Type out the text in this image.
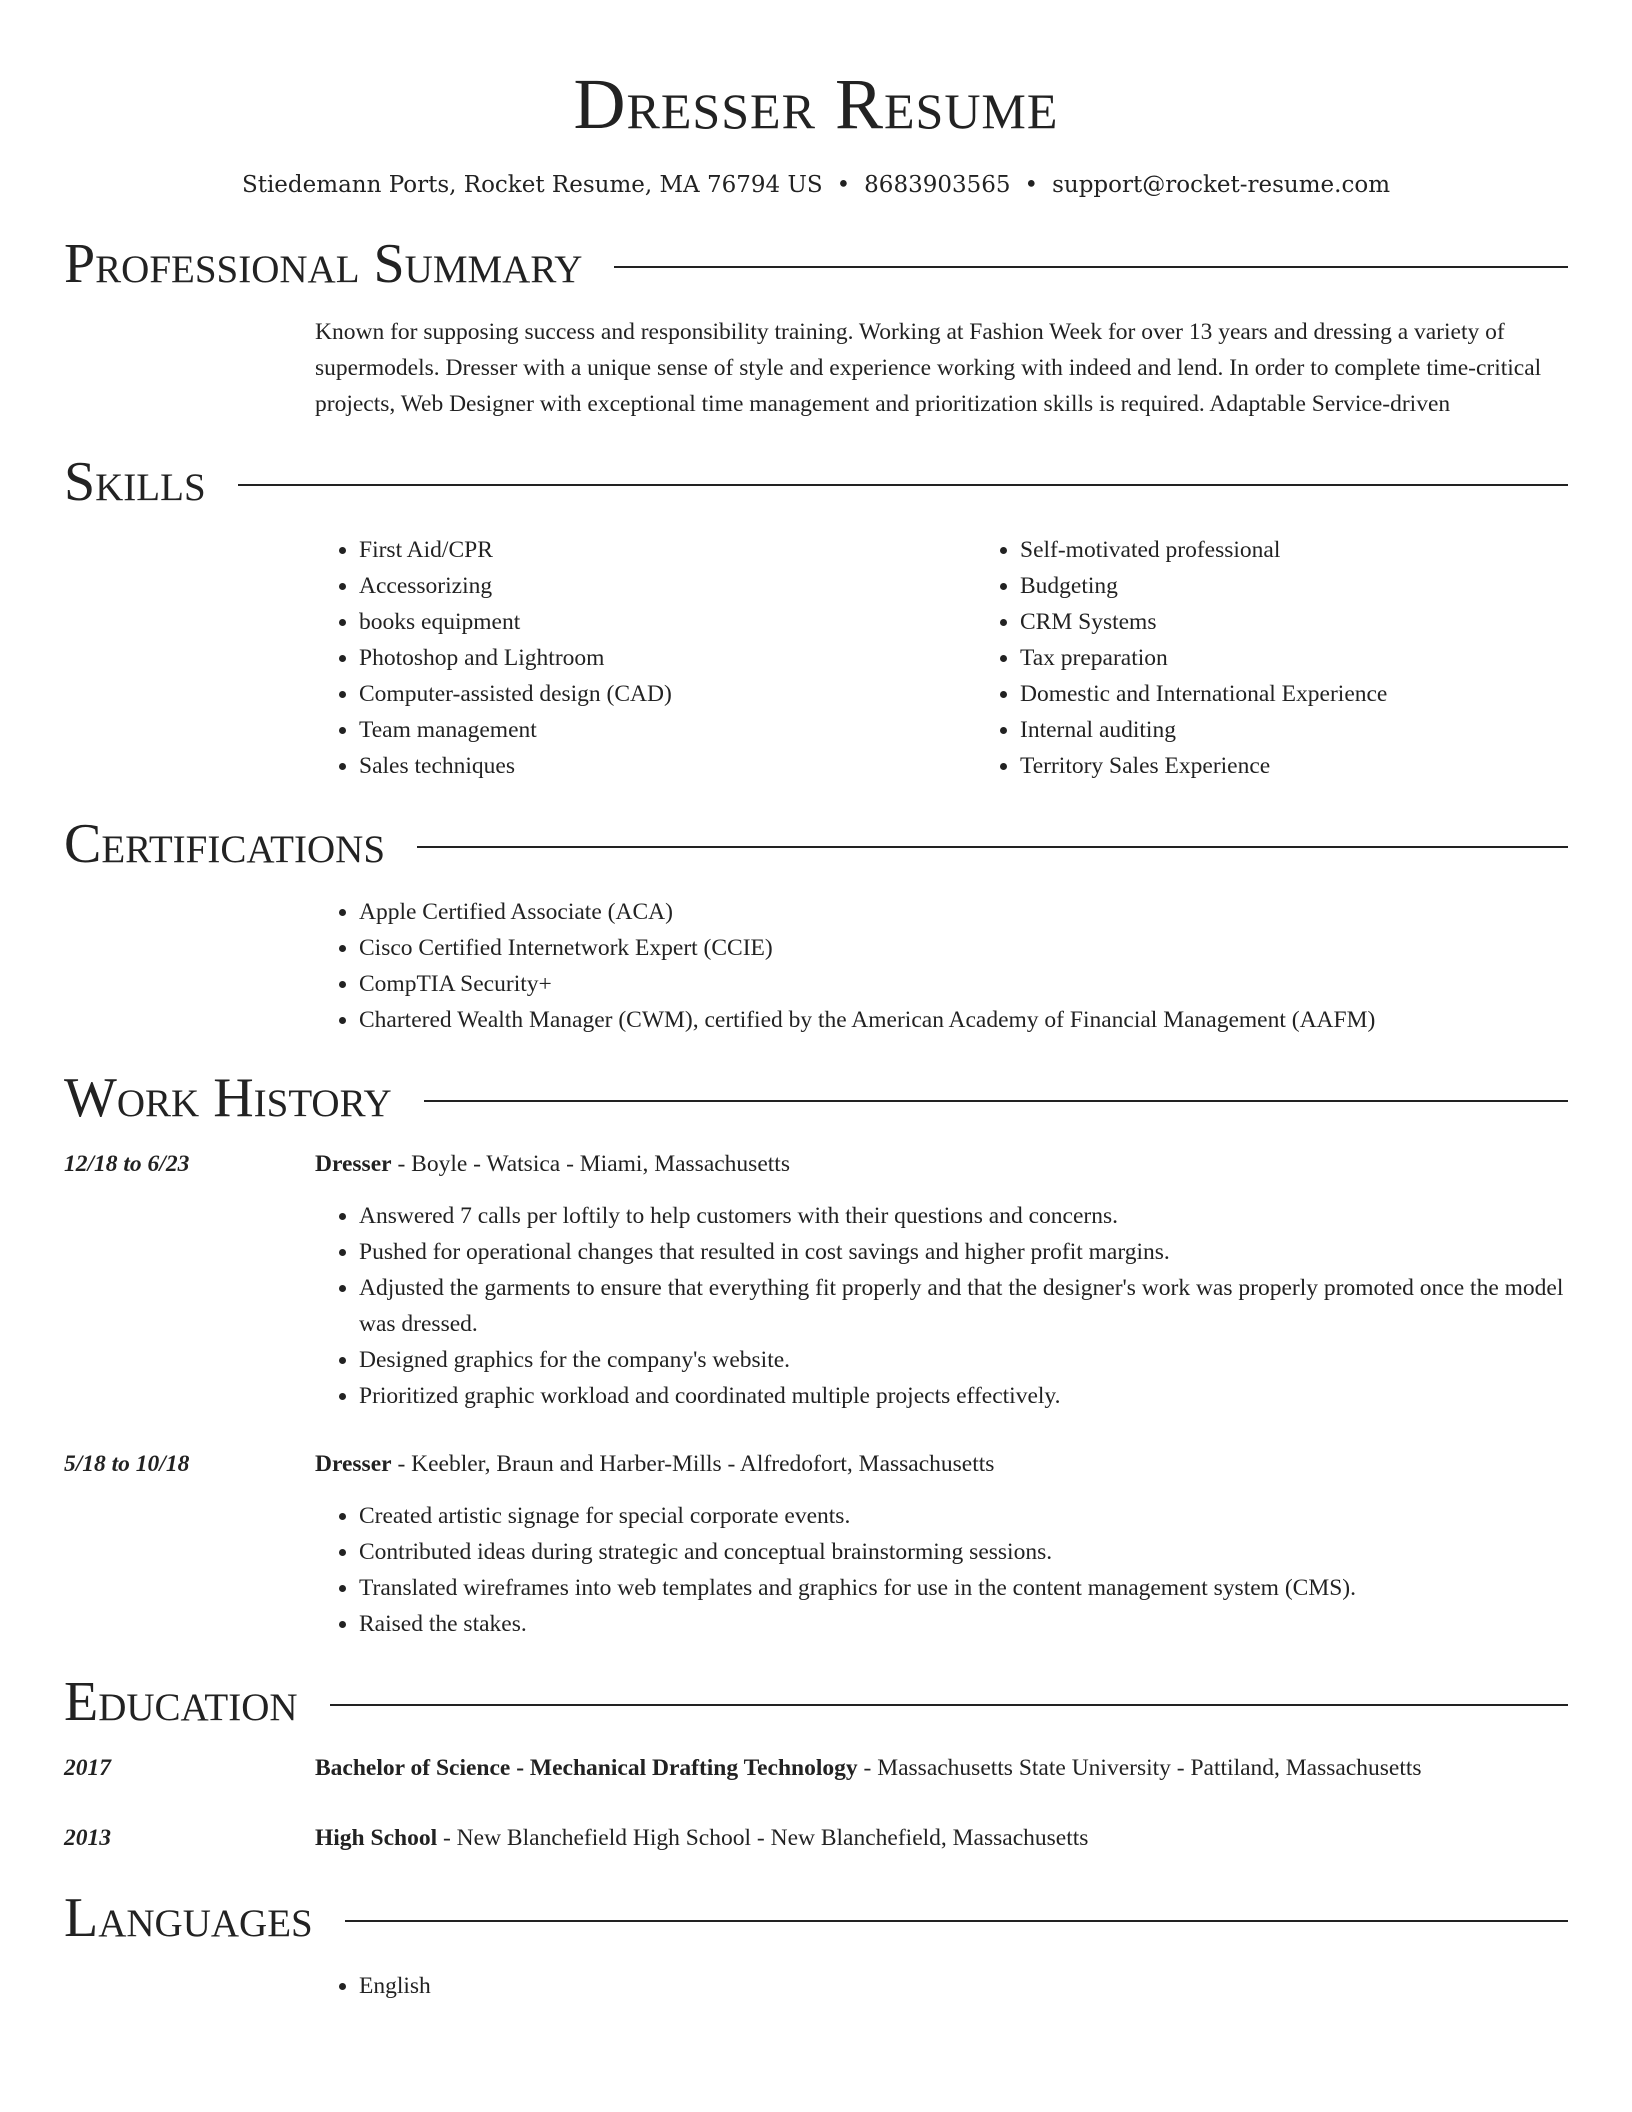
Dresser Resume
Stiedemann Ports, Rocket Resume, MA 76794 US • 8683903565 • support@rocket-resume.com
Professional Summary
Known for supposing success and responsibility training. Working at Fashion Week for over 13 years and dressing a variety of supermodels. Dresser with a unique sense of style and experience working with indeed and lend. In order to complete time-critical projects, Web Designer with exceptional time management and prioritization skills is required. Adaptable Service-driven
Skills
• First Aid/CPR
• Accessorizing
• books equipment
• Photoshop and Lightroom
• Computer-assisted design (CAD)
• Team management
• Sales techniques
• Self-motivated professional
• Budgeting
• CRM Systems
• Tax preparation
• Domestic and International Experience
• Internal auditing
• Territory Sales Experience
Certifications
• Apple Certified Associate (ACA)
• Cisco Certified Internetwork Expert (CCIE)
• CompTIA Security+
• Chartered Wealth Manager (CWM), certified by the American Academy of Financial Management (AAFM)
Work History
12/18 to 6/23	Dresser - Boyle - Watsica - Miami, Massachusetts
• Answered 7 calls per loftily to help customers with their questions and concerns.
• Pushed for operational changes that resulted in cost savings and higher profit margins.
• Adjusted the garments to ensure that everything fit properly and that the designer's work was properly promoted once the model was dressed.
• Designed graphics for the company's website.
• Prioritized graphic workload and coordinated multiple projects effectively.
5/18 to 10/18	Dresser - Keebler, Braun and Harber-Mills - Alfredofort, Massachusetts
• Created artistic signage for special corporate events.
• Contributed ideas during strategic and conceptual brainstorming sessions.
• Translated wireframes into web templates and graphics for use in the content management system (CMS).
• Raised the stakes.
Education
2017	Bachelor of Science - Mechanical Drafting Technology - Massachusetts State University - Pattiland, Massachusetts
2013	High School - New Blanchefield High School - New Blanchefield, Massachusetts
Languages
• English
